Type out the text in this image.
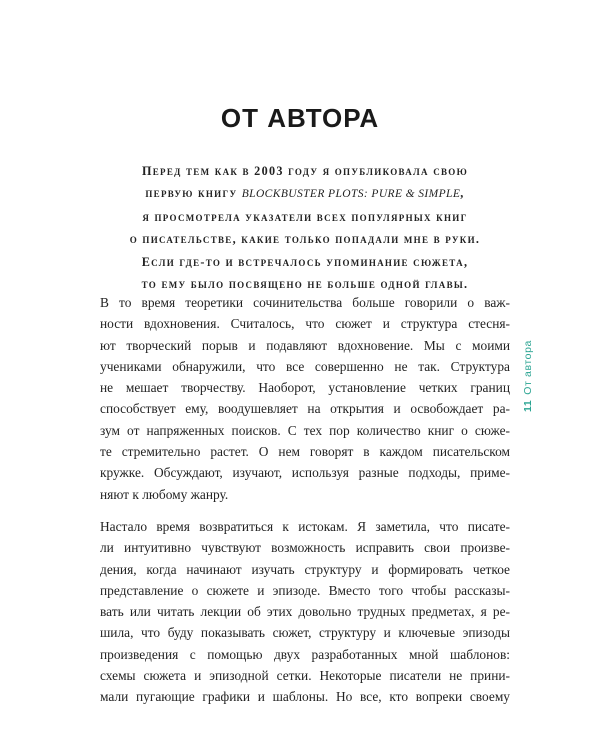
ОТ АВТОРА
Перед тем как в 2003 году я опубликовала свою
первую книгу BLOCKBUSTER PLOTS: PURE & SIMPLE,
я просмотрела указатели всех популярных книг
о писательстве, какие только попадали мне в руки.
Если где-то и встречалось упоминание сюжета,
то ему было посвящено не больше одной главы.
В то время теоретики сочинительства больше говорили о важ-
ности вдохновения. Считалось, что сюжет и структура стесня-
ют творческий порыв и подавляют вдохновение. Мы с моими
учениками обнаружили, что все совершенно не так. Структура
не мешает творчеству. Наоборот, установление четких границ
способствует ему, воодушевляет на открытия и освобождает ра-
зум от напряженных поисков. С тех пор количество книг о сюже-
те стремительно растет. О нем говорят в каждом писательском
кружке. Обсуждают, изучают, используя разные подходы, приме-
няют к любому жанру.
Настало время возвратиться к истокам. Я заметила, что писате-
ли интуитивно чувствуют возможность исправить свои произве-
дения, когда начинают изучать структуру и формировать четкое
представление о сюжете и эпизоде. Вместо того чтобы рассказы-
вать или читать лекции об этих довольно трудных предметах, я ре-
шила, что буду показывать сюжет, структуру и ключевые эпизоды
произведения с помощью двух разработанных мной шаблонов:
схемы сюжета и эпизодной сетки. Некоторые писатели не прини-
мали пугающие графики и шаблоны. Но все, кто вопреки своему
11От автора
